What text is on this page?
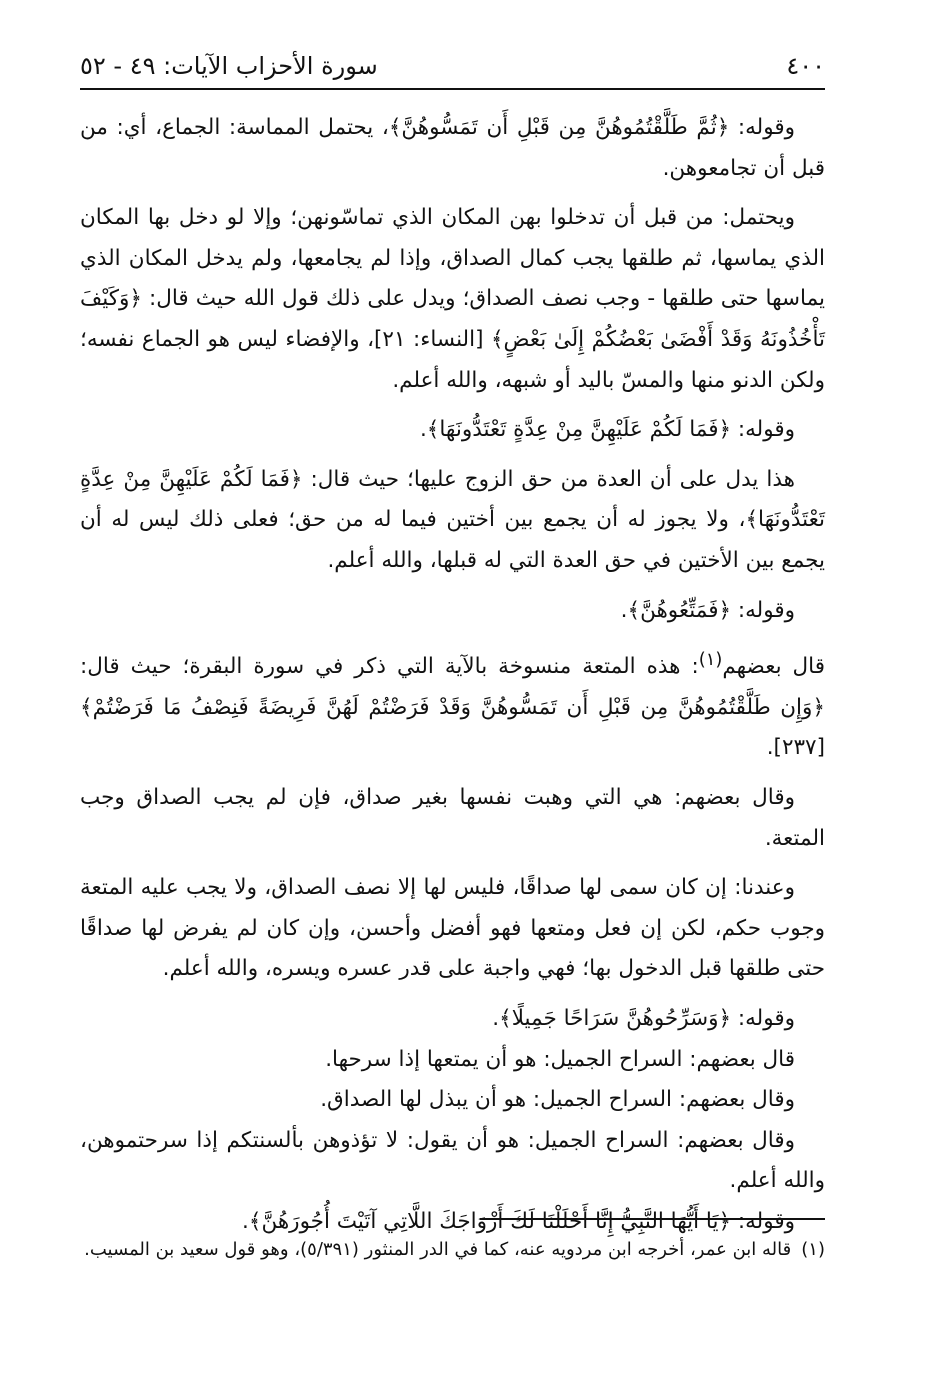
٤٠٠
سورة الأحزاب الآيات: ٤٩ - ٥٢

وقوله: ﴿ثُمَّ طَلَّقْتُمُوهُنَّ مِن قَبْلِ أَن تَمَسُّوهُنَّ﴾، يحتمل المماسة: الجماع، أي: من قبل أن تجامعوهن.

ويحتمل: من قبل أن تدخلوا بهن المكان الذي تماسّونهن؛ وإلا لو دخل بها المكان الذي يماسها، ثم طلقها يجب كمال الصداق، وإذا لم يجامعها، ولم يدخل المكان الذي يماسها حتى طلقها - وجب نصف الصداق؛ ويدل على ذلك قول الله حيث قال: ﴿وَكَيْفَ تَأْخُذُونَهُ وَقَدْ أَفْضَىٰ بَعْضُكُمْ إِلَىٰ بَعْضٍ﴾ [النساء: ٢١]، والإفضاء ليس هو الجماع نفسه؛ ولكن الدنو منها والمسّ باليد أو شبهه، والله أعلم.

وقوله: ﴿فَمَا لَكُمْ عَلَيْهِنَّ مِنْ عِدَّةٍ تَعْتَدُّونَهَا﴾.

هذا يدل على أن العدة من حق الزوج عليها؛ حيث قال: ﴿فَمَا لَكُمْ عَلَيْهِنَّ مِنْ عِدَّةٍ تَعْتَدُّونَهَا﴾، ولا يجوز له أن يجمع بين أختين فيما له من حق؛ فعلى ذلك ليس له أن يجمع بين الأختين في حق العدة التي له قبلها، والله أعلم.

وقوله: ﴿فَمَتِّعُوهُنَّ﴾.

قال بعضهم$^{(١)}$: هذه المتعة منسوخة بالآية التي ذكر في سورة البقرة؛ حيث قال: ﴿وَإِن طَلَّقْتُمُوهُنَّ مِن قَبْلِ أَن تَمَسُّوهُنَّ وَقَدْ فَرَضْتُمْ لَهُنَّ فَرِيضَةً فَنِصْفُ مَا فَرَضْتُمْ﴾ [٢٣٧].

وقال بعضهم: هي التي وهبت نفسها بغير صداق، فإن لم يجب الصداق وجب المتعة.

وعندنا: إن كان سمى لها صداقًا، فليس لها إلا نصف الصداق، ولا يجب عليه المتعة وجوب حكم، لكن إن فعل ومتعها فهو أفضل وأحسن، وإن كان لم يفرض لها صداقًا حتى طلقها قبل الدخول بها؛ فهي واجبة على قدر عسره ويسره، والله أعلم.

وقوله: ﴿وَسَرِّحُوهُنَّ سَرَاحًا جَمِيلًا﴾.

قال بعضهم: السراح الجميل: هو أن يمتعها إذا سرحها.

وقال بعضهم: السراح الجميل: هو أن يبذل لها الصداق.

وقال بعضهم: السراح الجميل: هو أن يقول: لا تؤذوهن بألسنتكم إذا سرحتموهن، والله أعلم.

وقوله: ﴿يَا أَيُّهَا النَّبِيُّ إِنَّا أَحْلَلْنَا لَكَ أَزْوَاجَكَ اللَّاتِي آتَيْتَ أُجُورَهُنَّ﴾.

(١)قاله ابن عمر، أخرجه ابن مردويه عنه، كما في الدر المنثور (٥/٣٩١)، وهو قول سعيد بن المسيب.
